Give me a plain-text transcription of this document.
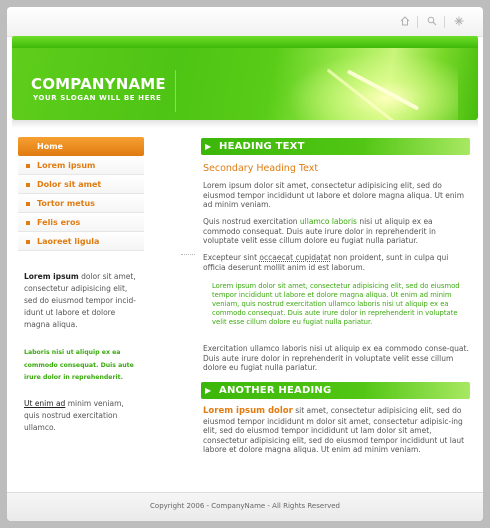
COMPANYNAME
YOUR SLOGAN WILL BE HERE
Home
Lorem ipsum
Dolor sit amet
Tortor metus
Felis eros
Laoreet ligula

Lorem ipsum dolor sit amet, consectetur adipisicing elit, sed do eiusmod tempor incid-idunt ut labore et dolore magna aliqua.

Laboris nisi ut aliquip ex ea commodo consequat. Duis aute irure dolor in reprehenderit.
Ut enim ad minim veniam, quis nostrud exercitation ullamco.
▶ HEADING TEXT
Secondary Heading Text
Lorem ipsum dolor sit amet, consectetur adipisicing elit, sed do eiusmod tempor incididunt ut labore et dolore magna aliqua. Ut enim ad minim veniam.
Quis nostrud exercitation ullamco laboris nisi ut aliquip ex ea commodo consequat. Duis aute irure dolor in reprehenderit in voluptate velit esse cillum dolore eu fugiat nulla pariatur.
Excepteur sint occaecat cupidatat non proident, sunt in culpa qui officia deserunt mollit anim id est laborum.
Lorem ipsum dolor sit amet, consectetur adipisicing elit, sed do eiusmod tempor incididunt ut labore et dolore magna aliqua. Ut enim ad minim veniam, quis nostrud exercitation ullamco laboris nisi ut aliquip ex ea commodo consequat. Duis aute irure dolor in reprehenderit in voluptate velit esse cillum dolore eu fugiat nulla pariatur.
Exercitation ullamco laboris nisi ut aliquip ex ea commodo conse-quat. Duis aute irure dolor in reprehenderit in voluptate velit esse cillum dolore eu fugiat nulla pariatur.
▶ ANOTHER HEADING
Lorem ipsum dolor sit amet, consectetur adipisicing elit, sed do eiusmod tempor incididunt m dolor sit amet, consectetur adipisic-ing elit, sed do eiusmod tempor incididunt ut lam dolor sit amet, consectetur adipisicing elit, sed do eiusmod tempor incididunt ut laut labore et dolore magna aliqua. Ut enim ad minim veniam.
Copyright 2006 - CompanyName - All Rights Reserved
